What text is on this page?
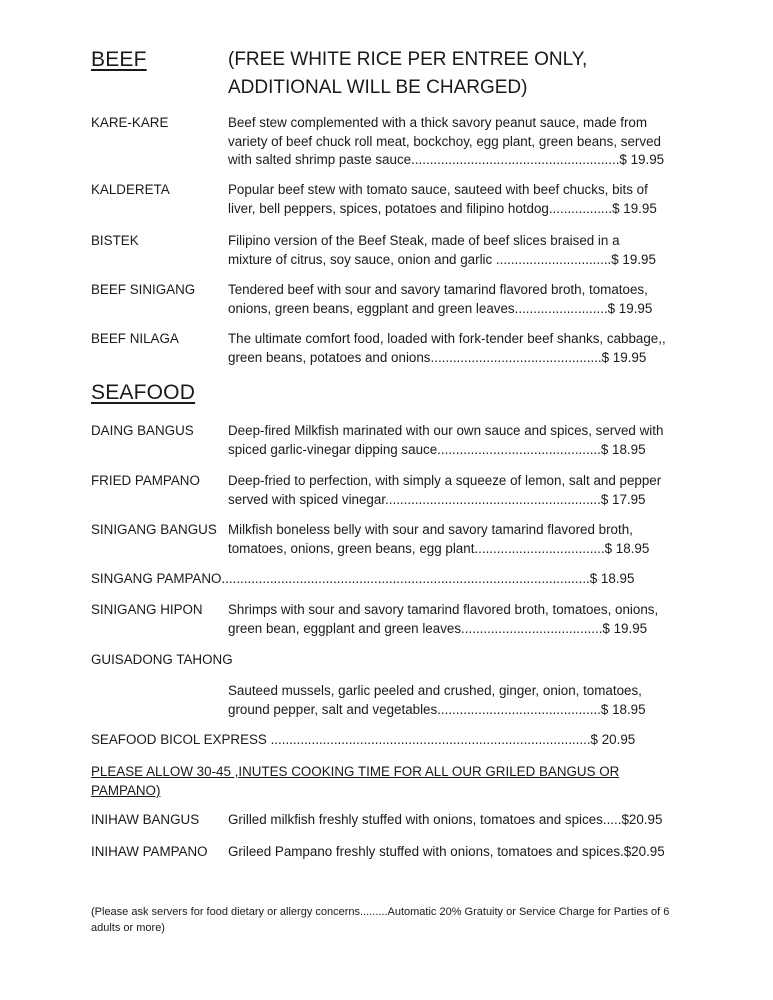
BEEF	(FREE WHITE RICE PER ENTREE ONLY,
ADDITIONAL WILL BE CHARGED)
KARE-KARE	Beef stew complemented with a thick savory peanut sauce, made from
variety of beef chuck roll meat, bockchoy, egg plant, green beans, served
with salted shrimp paste sauce........................................................$ 19.95
KALDERETA	Popular beef stew with tomato sauce, sauteed with beef chucks, bits of
liver, bell peppers, spices, potatoes and filipino hotdog.................$ 19.95
BISTEK	Filipino version of the Beef Steak, made of beef slices braised in a
mixture of citrus, soy sauce, onion and garlic ...............................$ 19.95
BEEF SINIGANG Tendered beef with sour and savory tamarind flavored broth, tomatoes,
onions, green beans, eggplant and green leaves.........................$ 19.95
BEEF NILAGA	The ultimate comfort food, loaded with fork-tender beef shanks, cabbage,,
green beans, potatoes and onions..............................................$ 19.95
SEAFOOD
DAING BANGUS	Deep-fired Milkfish marinated with our own sauce and spices, served with
spiced garlic-vinegar dipping sauce............................................$ 18.95
FRIED PAMPANO Deep-fried to perfection, with simply a squeeze of lemon, salt and pepper
served with spiced vinegar..........................................................$ 17.95
SINIGANG BANGUS Milkfish boneless belly with sour and savory tamarind flavored broth,
tomatoes, onions, green beans, egg plant...................................$ 18.95
SINGANG PAMPANO...................................................................................................$ 18.95
SINIGANG HIPON Shrimps with sour and savory tamarind flavored broth, tomatoes, onions,
green bean, eggplant and green leaves......................................$ 19.95
GUISADONG TAHONG
Sauteed mussels, garlic peeled and crushed, ginger, onion, tomatoes,
ground pepper, salt and vegetables............................................$ 18.95
SEAFOOD BICOL EXPRESS ......................................................................................$ 20.95
PLEASE ALLOW 30-45 ,INUTES COOKING TIME FOR ALL OUR GRILED BANGUS OR PAMPANO)
INIHAW BANGUS Grilled milkfish freshly stuffed with onions, tomatoes and spices.....$20.95
INIHAW PAMPANO Grileed Pampano freshly stuffed with onions, tomatoes and spices.$20.95
(Please ask servers for food dietary or allergy concerns.........Automatic 20% Gratuity or Service Charge for Parties of 6 adults or more)
